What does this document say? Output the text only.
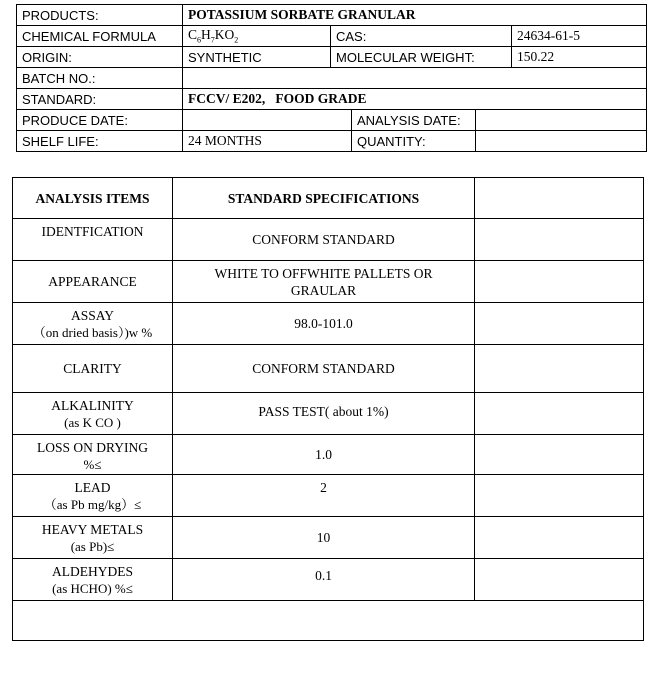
PRODUCTS:	POTASSIUM SORBATE GRANULAR				
CHEMICAL FORMULA	$C_6H_7KO_2$	CAS:			24634-61-5
ORIGIN:	SYNTHETIC	MOLECULAR WEIGHT:			150.22
BATCH NO.:					
STANDARD:	FCCV/ E202,   FOOD GRADE				
PRODUCE DATE:			ANALYSIS DATE:		
SHELF LIFE:	24 MONTHS		QUANTITY:		
ANALYSIS ITEMS	STANDARD SPECIFICATIONS	

IDENTFICATION	CONFORM STANDARD	

APPEARANCE	WHITE TO OFFWHITE PALLETS OR GRAULAR	

ASSAY
（on dried basis）)w %	98.0-101.0	

CLARITY	CONFORM STANDARD	

ALKALINITY
(as K CO )	PASS TEST( about 1%)	

LOSS ON DRYING
%≤	1.0	

LEAD
（as Pb mg/kg）≤	2	

HEAVY METALS
(as Pb)≤	10	

ALDEHYDES
(as HCHO) %≤	0.1	
